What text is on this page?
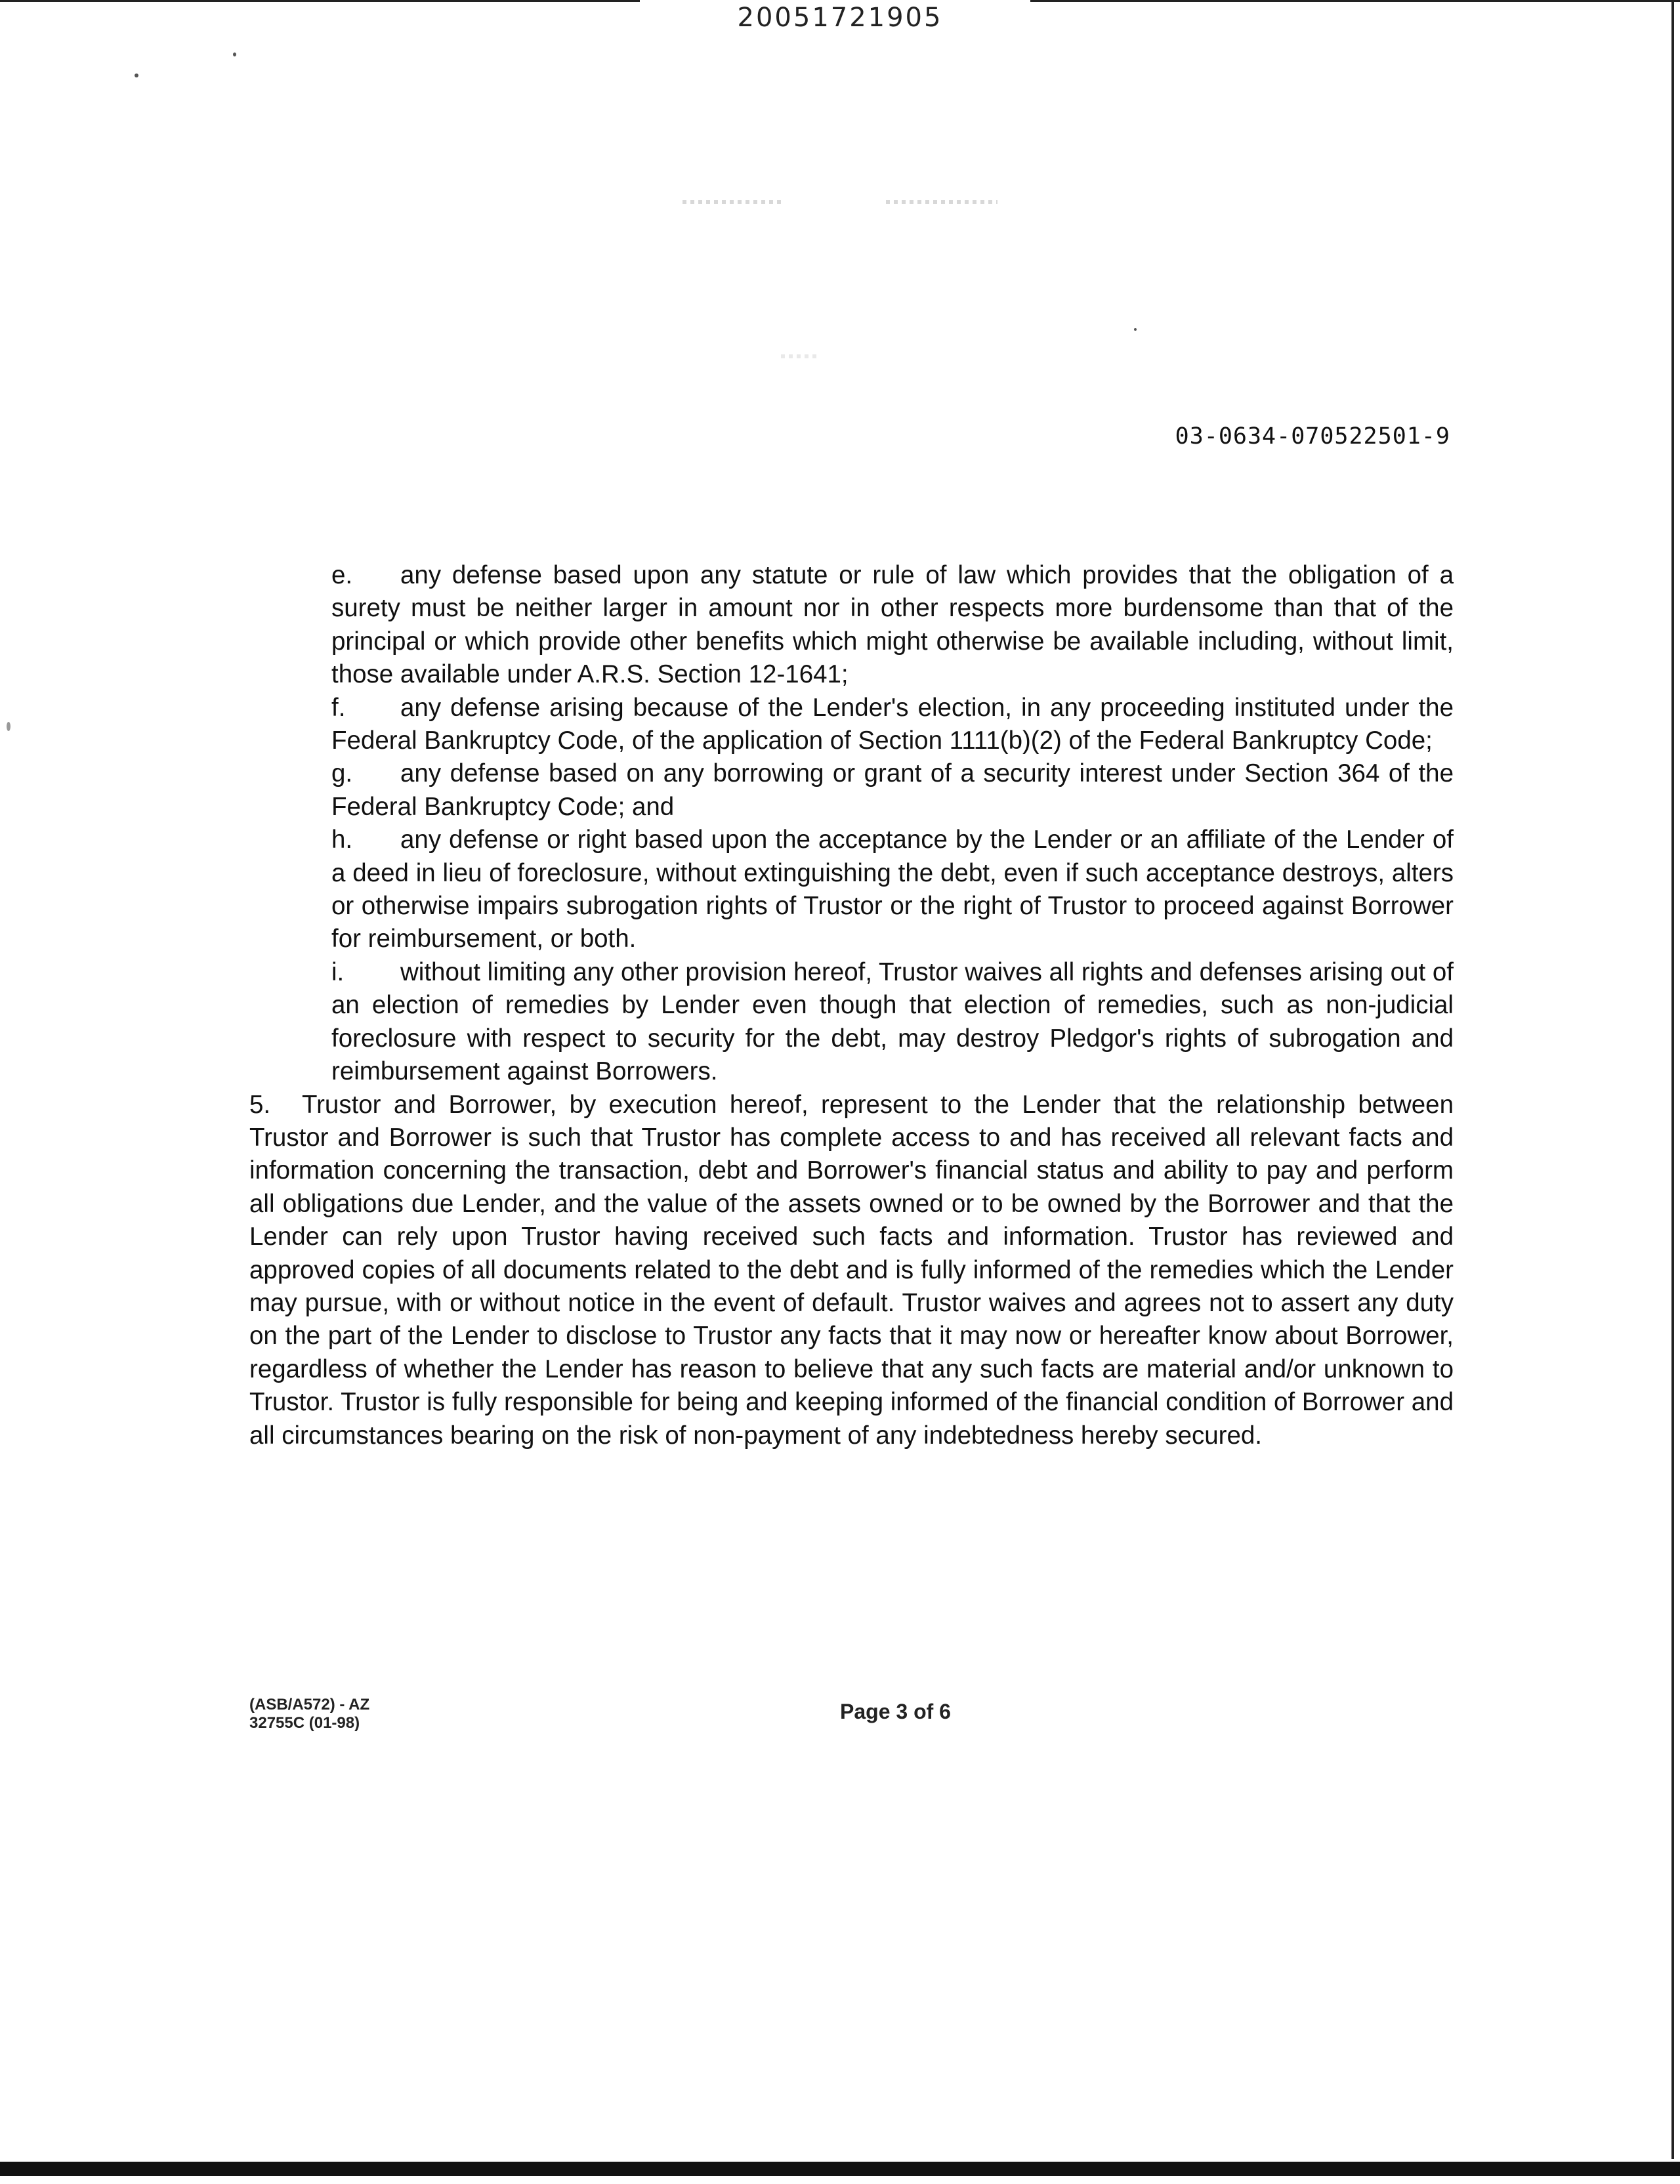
20051721905
03-0634-070522501-9

e. any defense based upon any statute or rule of law which provides that the obligation of a surety must be neither larger in amount nor in other respects more burdensome than that of the principal or which provide other benefits which might otherwise be available including, without limit, those available under A.R.S. Section 12-1641;

f. any defense arising because of the Lender's election, in any proceeding instituted under the Federal Bankruptcy Code, of the application of Section 1111(b)(2) of the Federal Bankruptcy Code;

g. any defense based on any borrowing or grant of a security interest under Section 364 of the Federal Bankruptcy Code; and

h. any defense or right based upon the acceptance by the Lender or an affiliate of the Lender of a deed in lieu of foreclosure, without extinguishing the debt, even if such acceptance destroys, alters or otherwise impairs subrogation rights of Trustor or the right of Trustor to proceed against Borrower for reimbursement, or both.

i. without limiting any other provision hereof, Trustor waives all rights and defenses arising out of an election of remedies by Lender even though that election of remedies, such as non-judicial foreclosure with respect to security for the debt, may destroy Pledgor's rights of subrogation and reimbursement against Borrowers.

5. Trustor and Borrower, by execution hereof, represent to the Lender that the relationship between Trustor and Borrower is such that Trustor has complete access to and has received all relevant facts and information concerning the transaction, debt and Borrower's financial status and ability to pay and perform all obligations due Lender, and the value of the assets owned or to be owned by the Borrower and that the Lender can rely upon Trustor having received such facts and information. Trustor has reviewed and approved copies of all documents related to the debt and is fully informed of the remedies which the Lender may pursue, with or without notice in the event of default. Trustor waives and agrees not to assert any duty on the part of the Lender to disclose to Trustor any facts that it may now or hereafter know about Borrower, regardless of whether the Lender has reason to believe that any such facts are material and/or unknown to Trustor. Trustor is fully responsible for being and keeping informed of the financial condition of Borrower and all circumstances bearing on the risk of non-payment of any indebtedness hereby secured.

(ASB/A572) - AZ
32755C (01-98)	Page 3 of 6
